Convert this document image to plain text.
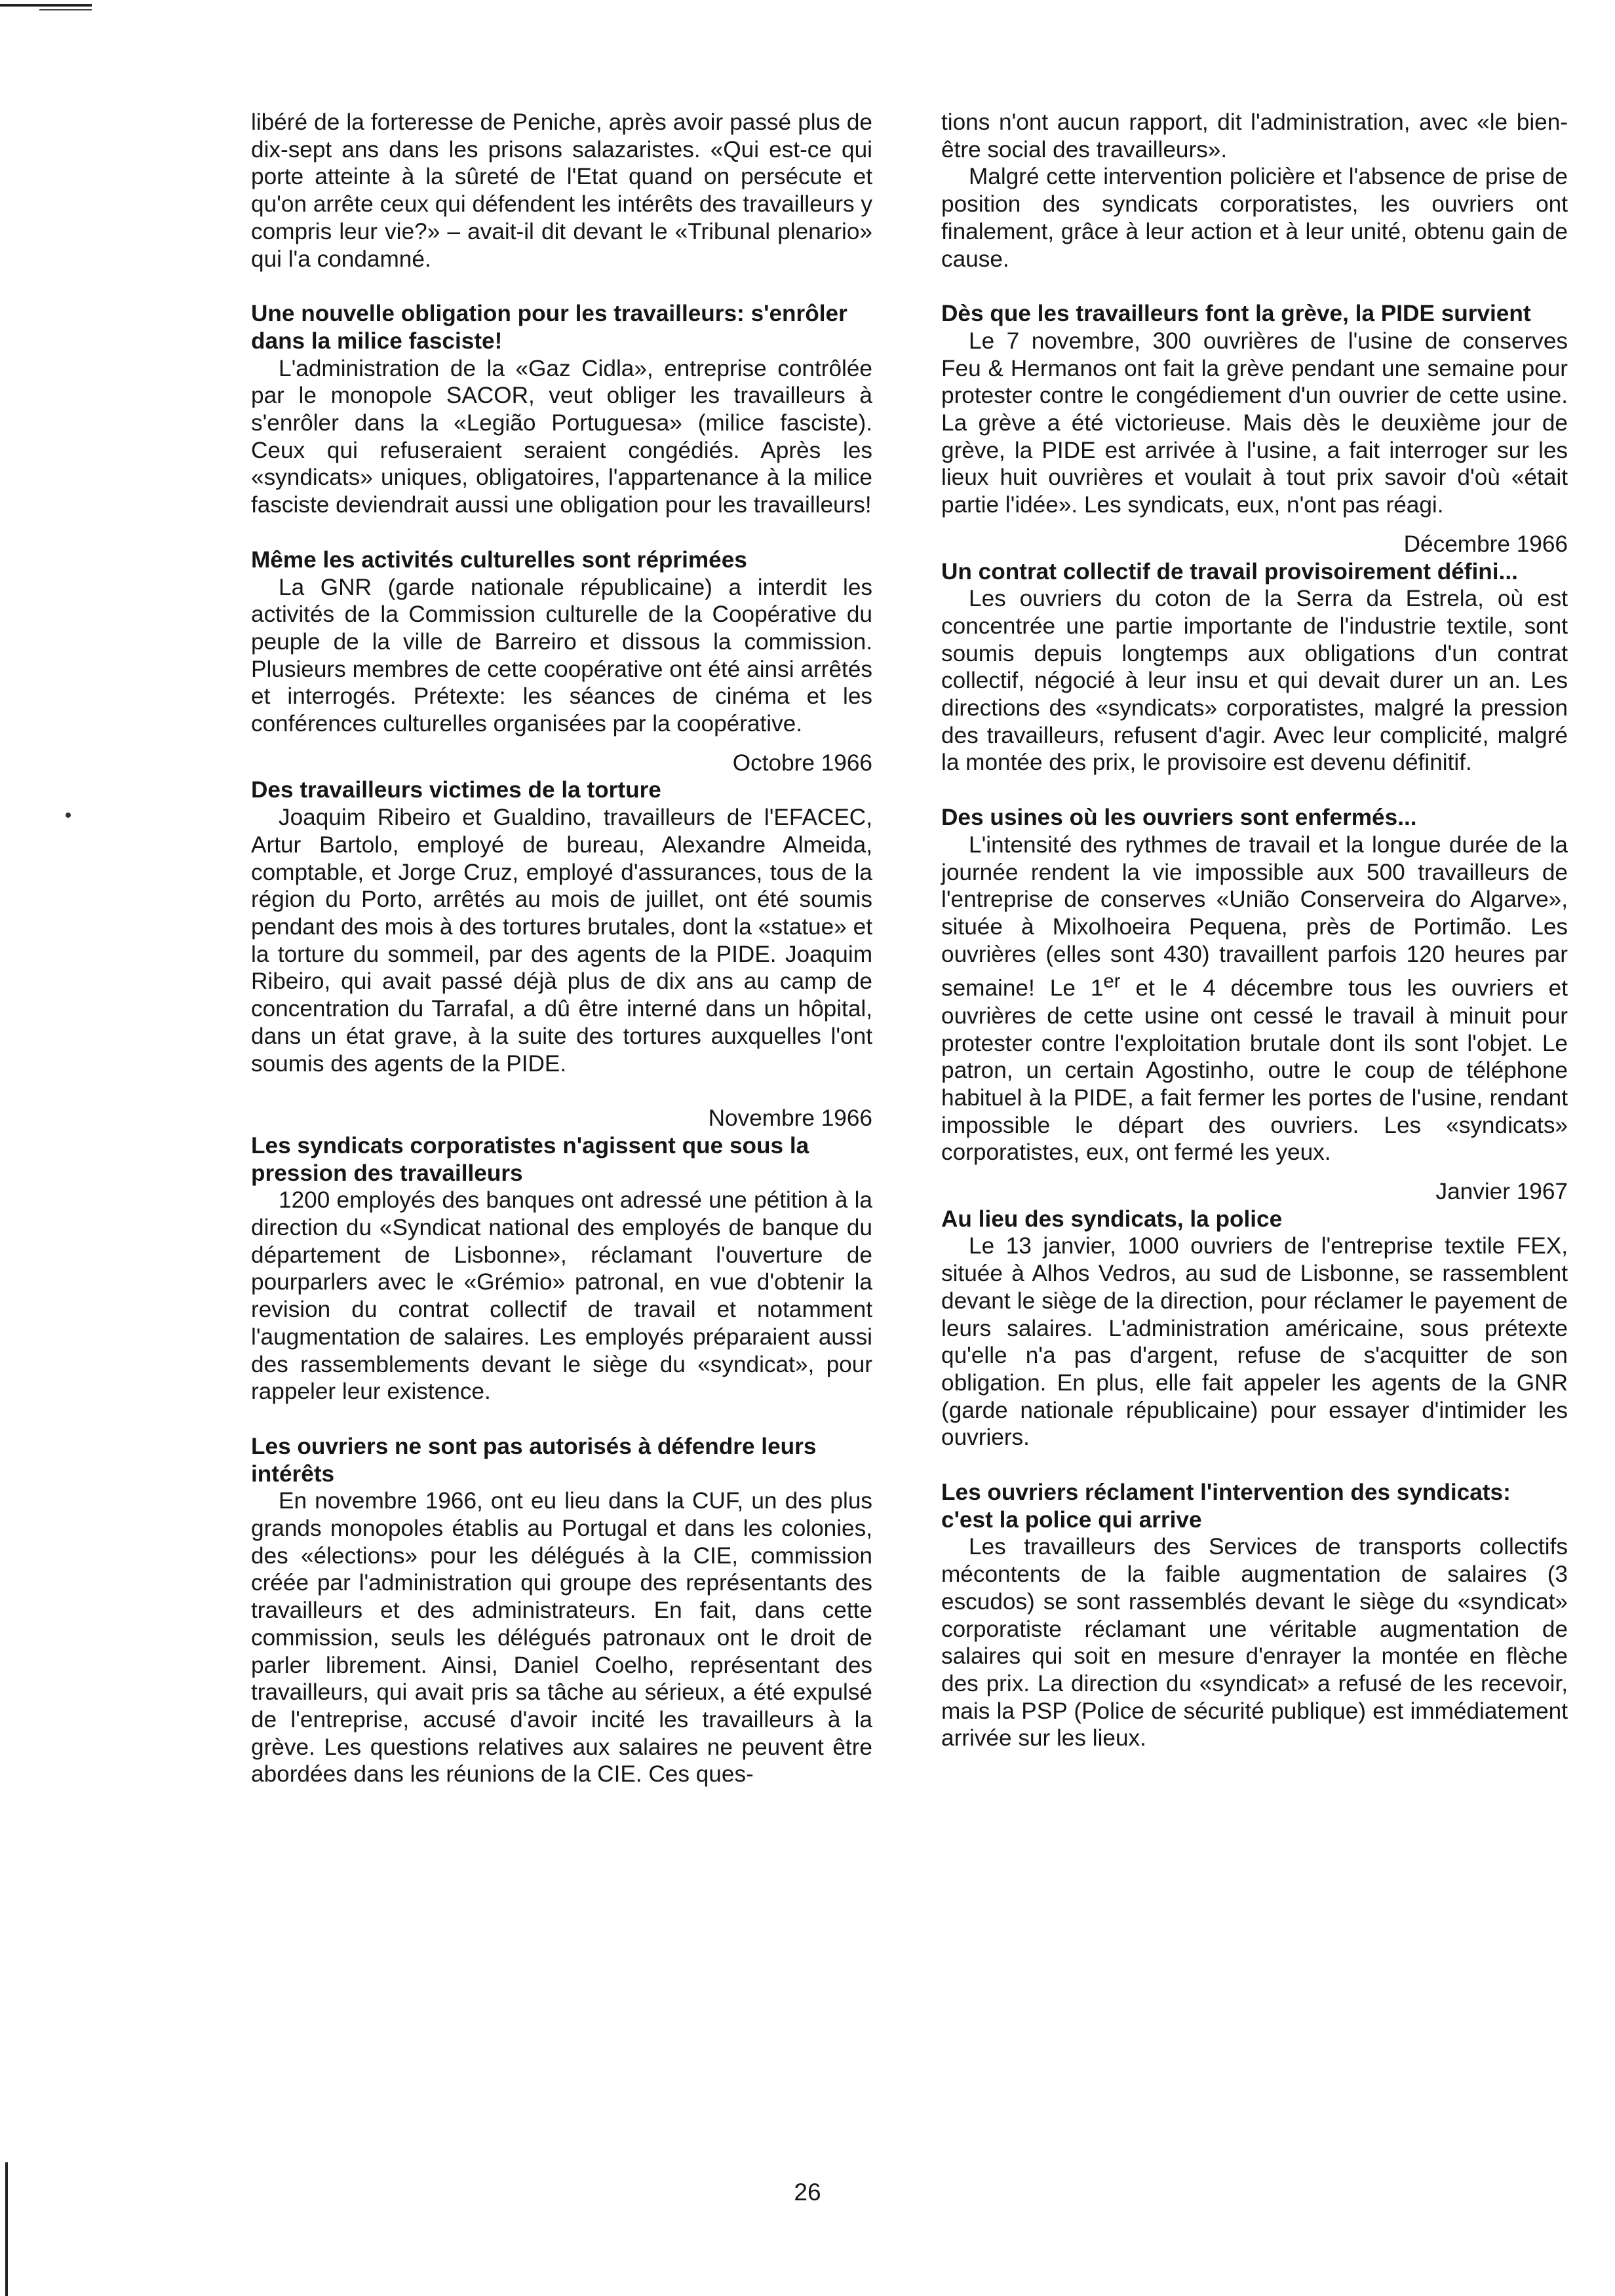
libéré de la forteresse de Peniche, après avoir passé plus de dix-sept ans dans les prisons salazaristes. «Qui est-ce qui porte atteinte à la sûreté de l'Etat quand on persécute et qu'on arrête ceux qui défendent les intérêts des travailleurs y compris leur vie?» – avait-il dit devant le «Tribunal plenario» qui l'a condamné.

Une nouvelle obligation pour les travailleurs: s'enrôler dans la milice fasciste!

L'administration de la «Gaz Cidla», entreprise contrôlée par le monopole SACOR, veut obliger les travailleurs à s'enrôler dans la «Legião Portuguesa» (milice fasciste). Ceux qui refuseraient seraient congédiés. Après les «syndicats» uniques, obligatoires, l'appartenance à la milice fasciste deviendrait aussi une obligation pour les travailleurs!

Même les activités culturelles sont réprimées

La GNR (garde nationale républicaine) a interdit les activités de la Commission culturelle de la Coopérative du peuple de la ville de Barreiro et dissous la commission. Plusieurs membres de cette coopérative ont été ainsi arrêtés et interrogés. Prétexte: les séances de cinéma et les conférences culturelles organisées par la coopérative.

Octobre 1966

Des travailleurs victimes de la torture

Joaquim Ribeiro et Gualdino, travailleurs de l'EFACEC, Artur Bartolo, employé de bureau, Alexandre Almeida, comptable, et Jorge Cruz, employé d'assurances, tous de la région du Porto, arrêtés au mois de juillet, ont été soumis pendant des mois à des tortures brutales, dont la «statue» et la torture du sommeil, par des agents de la PIDE. Joaquim Ribeiro, qui avait passé déjà plus de dix ans au camp de concentration du Tarrafal, a dû être interné dans un hôpital, dans un état grave, à la suite des tortures auxquelles l'ont soumis des agents de la PIDE.

Novembre 1966

Les syndicats corporatistes n'agissent que sous la pression des travailleurs

1200 employés des banques ont adressé une pétition à la direction du «Syndicat national des employés de banque du département de Lisbonne», réclamant l'ouverture de pourparlers avec le «Grémio» patronal, en vue d'obtenir la revision du contrat collectif de travail et notamment l'augmentation de salaires. Les employés préparaient aussi des rassemblements devant le siège du «syndicat», pour rappeler leur existence.

Les ouvriers ne sont pas autorisés à défendre leurs intérêts

En novembre 1966, ont eu lieu dans la CUF, un des plus grands monopoles établis au Portugal et dans les colonies, des «élections» pour les délégués à la CIE, commission créée par l'administration qui groupe des représentants des travailleurs et des administrateurs. En fait, dans cette commission, seuls les délégués patronaux ont le droit de parler librement. Ainsi, Daniel Coelho, représentant des travailleurs, qui avait pris sa tâche au sérieux, a été expulsé de l'entreprise, accusé d'avoir incité les travailleurs à la grève. Les questions relatives aux salaires ne peuvent être abordées dans les réunions de la CIE. Ces ques-

tions n'ont aucun rapport, dit l'administration, avec «le bien-être social des travailleurs».

Malgré cette intervention policière et l'absence de prise de position des syndicats corporatistes, les ouvriers ont finalement, grâce à leur action et à leur unité, obtenu gain de cause.

Dès que les travailleurs font la grève, la PIDE survient

Le 7 novembre, 300 ouvrières de l'usine de conserves Feu & Hermanos ont fait la grève pendant une semaine pour protester contre le congédiement d'un ouvrier de cette usine. La grève a été victorieuse. Mais dès le deuxième jour de grève, la PIDE est arrivée à l'usine, a fait interroger sur les lieux huit ouvrières et voulait à tout prix savoir d'où «était partie l'idée». Les syndicats, eux, n'ont pas réagi.

Décembre 1966

Un contrat collectif de travail provisoirement défini...

Les ouvriers du coton de la Serra da Estrela, où est concentrée une partie importante de l'industrie textile, sont soumis depuis longtemps aux obligations d'un contrat collectif, négocié à leur insu et qui devait durer un an. Les directions des «syndicats» corporatistes, malgré la pression des travailleurs, refusent d'agir. Avec leur complicité, malgré la montée des prix, le provisoire est devenu définitif.

Des usines où les ouvriers sont enfermés...

L'intensité des rythmes de travail et la longue durée de la journée rendent la vie impossible aux 500 travailleurs de l'entreprise de conserves «União Conserveira do Algarve», située à Mixolhoeira Pequena, près de Portimão. Les ouvrières (elles sont 430) travaillent parfois 120 heures par semaine! Le 1er et le 4 décembre tous les ouvriers et ouvrières de cette usine ont cessé le travail à minuit pour protester contre l'exploitation brutale dont ils sont l'objet. Le patron, un certain Agostinho, outre le coup de téléphone habituel à la PIDE, a fait fermer les portes de l'usine, rendant impossible le départ des ouvriers. Les «syndicats» corporatistes, eux, ont fermé les yeux.

Janvier 1967

Au lieu des syndicats, la police

Le 13 janvier, 1000 ouvriers de l'entreprise textile FEX, située à Alhos Vedros, au sud de Lisbonne, se rassemblent devant le siège de la direction, pour réclamer le payement de leurs salaires. L'administration américaine, sous prétexte qu'elle n'a pas d'argent, refuse de s'acquitter de son obligation. En plus, elle fait appeler les agents de la GNR (garde nationale républicaine) pour essayer d'intimider les ouvriers.

Les ouvriers réclament l'intervention des syndicats: c'est la police qui arrive

Les travailleurs des Services de transports collectifs mécontents de la faible augmentation de salaires (3 escudos) se sont rassemblés devant le siège du «syndicat» corporatiste réclamant une véritable augmentation de salaires qui soit en mesure d'enrayer la montée en flèche des prix. La direction du «syndicat» a refusé de les recevoir, mais la PSP (Police de sécurité publique) est immédiatement arrivée sur les lieux.

26
